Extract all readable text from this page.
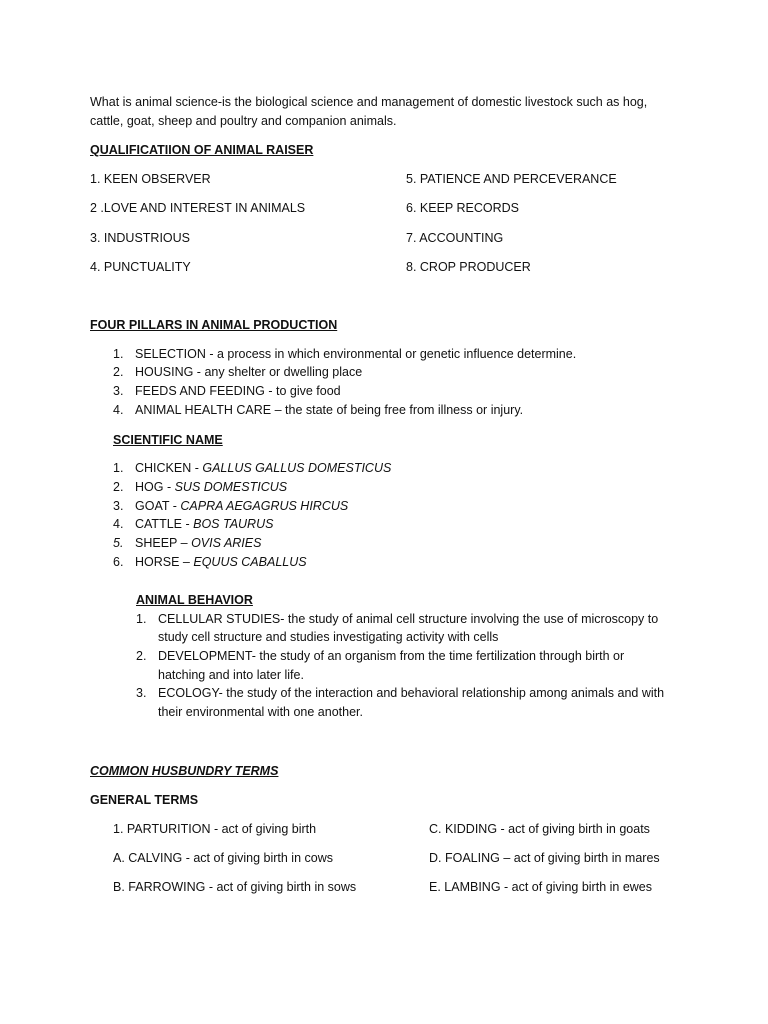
What is animal science-is the biological science and management of domestic livestock such as hog,
cattle, goat, sheep and poultry and companion animals.
QUALIFICATIION OF ANIMAL RAISER
1. KEEN OBSERVER
2 .LOVE AND INTEREST IN ANIMALS
3. INDUSTRIOUS
4. PUNCTUALITY
5. PATIENCE AND PERCEVERANCE
6. KEEP RECORDS
7. ACCOUNTING
8. CROP PRODUCER
FOUR PILLARS IN ANIMAL PRODUCTION
1. SELECTION - a process in which environmental or genetic influence determine.
2. HOUSING - any shelter or dwelling place
3. FEEDS AND FEEDING - to give food
4. ANIMAL HEALTH CARE – the state of being free from illness or injury.
SCIENTIFIC NAME
1. CHICKEN - GALLUS GALLUS DOMESTICUS
2. HOG - SUS DOMESTICUS
3. GOAT - CAPRA AEGAGRUS HIRCUS
4. CATTLE - BOS TAURUS
5. SHEEP – OVIS ARIES
6. HORSE – EQUUS CABALLUS
ANIMAL BEHAVIOR
1. CELLULAR STUDIES- the study of animal cell structure involving the use of microscopy to
study cell structure and studies investigating activity with cells
2. DEVELOPMENT- the study of an organism from the time fertilization through birth or
hatching and into later life.
3. ECOLOGY- the study of the interaction and behavioral relationship among animals and with
their environmental with one another.
COMMON HUSBUNDRY TERMS
GENERAL TERMS
1. PARTURITION - act of giving birth
A. CALVING - act of giving birth in cows
B. FARROWING - act of giving birth in sows
C. KIDDING - act of giving birth in goats
D. FOALING – act of giving birth in mares
E. LAMBING - act of giving birth in ewes
